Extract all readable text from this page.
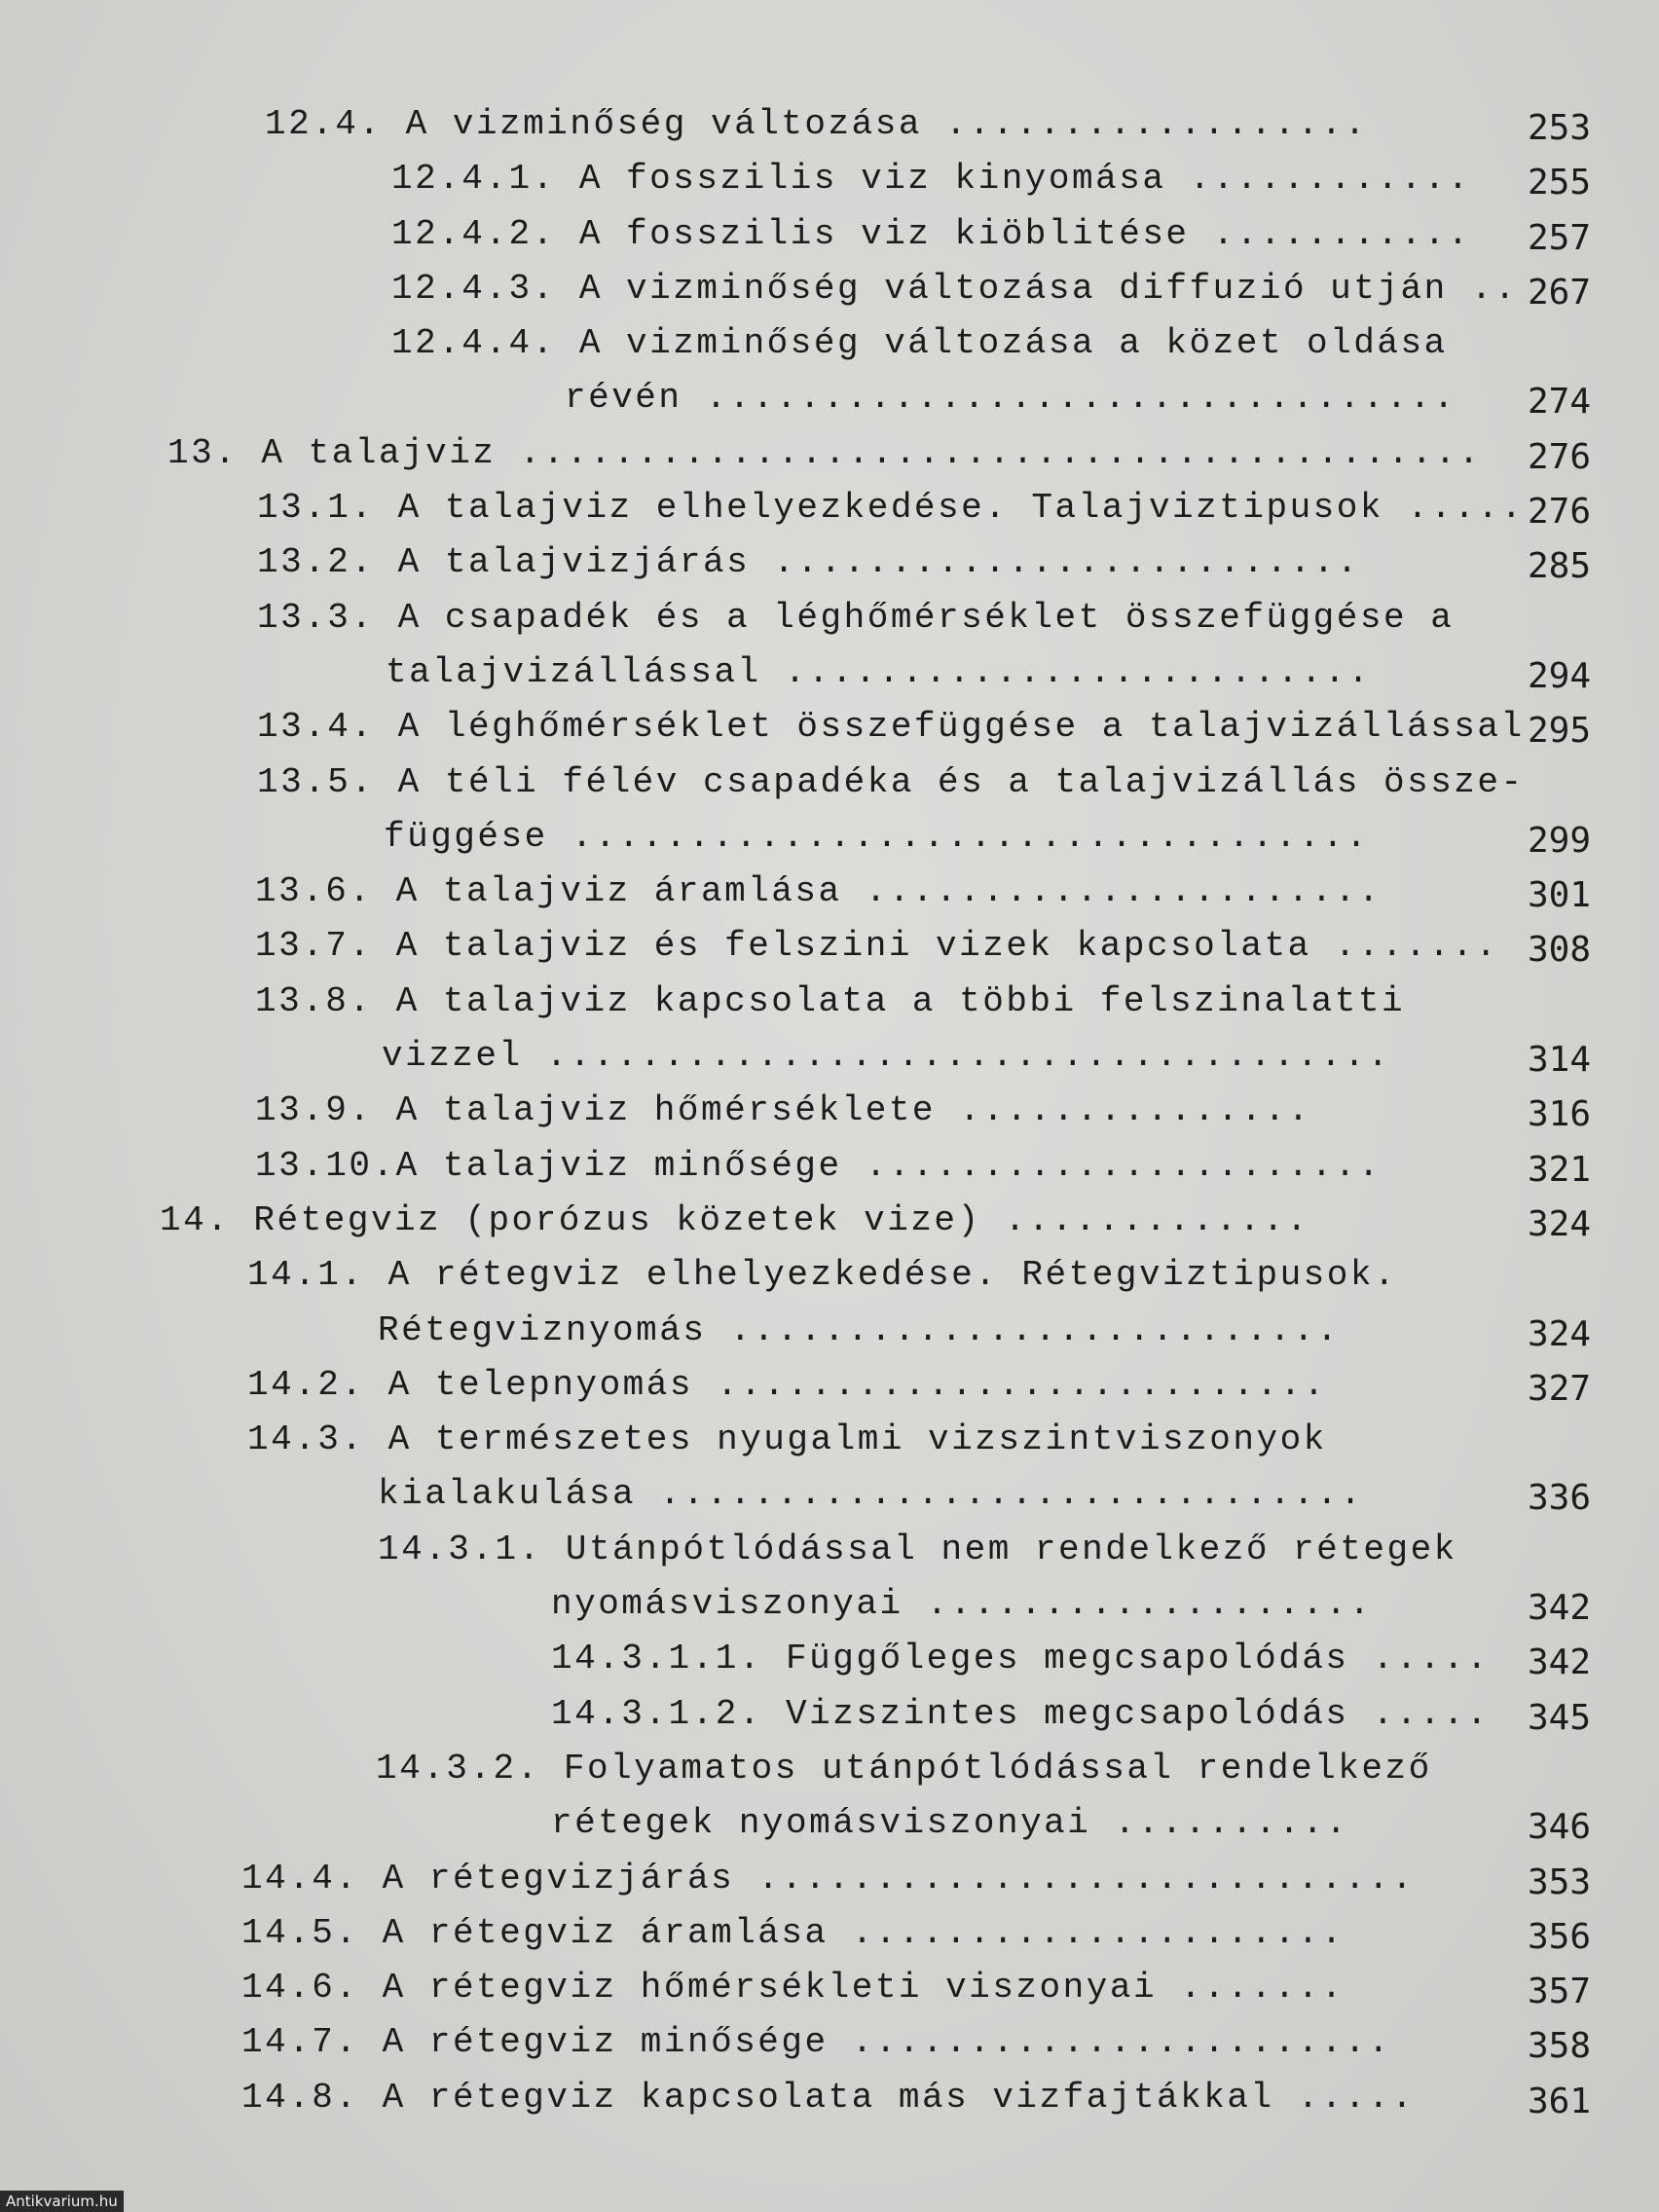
12.4. A vizminőség változása ..................	253
12.4.1. A fosszilis viz kinyomása ............	255
12.4.2. A fosszilis viz kiöblitése ...........	257
12.4.3. A vizminőség változása diffuzió utján .. 267
12.4.4. A vizminőség változása a közet oldása
révén ................................	274
13. A talajviz .........................................	276
13.1. A talajviz elhelyezkedése. Talajviztipusok ..... 276
13.2. A talajvizjárás .........................	285
13.3. A csapadék és a léghőmérséklet összefüggése a
talajvizállással .........................	294
13.4. A léghőmérséklet összefüggése a talajvizállással 295
13.5. A téli félév csapadéka és a talajvizállás össze-
függése ..................................	299
13.6. A talajviz áramlása ......................	301
13.7. A talajviz és felszini vizek kapcsolata ....... 308
13.8. A talajviz kapcsolata a többi felszinalatti
vizzel ....................................	314
13.9. A talajviz hőmérséklete ...............	316
13.10.A talajviz minősége ......................	321
14. Rétegviz (porózus közetek vize) .............	324
14.1. A rétegviz elhelyezkedése. Rétegviztipusok.
Rétegviznyomás ..........................	324
14.2. A telepnyomás ..........................	327
14.3. A természetes nyugalmi vizszintviszonyok
kialakulása ..............................	336
14.3.1. Utánpótlódással nem rendelkező rétegek
nyomásviszonyai ...................	342
14.3.1.1. Függőleges megcsapolódás .....	342
14.3.1.2. Vizszintes megcsapolódás .....	345
14.3.2. Folyamatos utánpótlódással rendelkező
rétegek nyomásviszonyai ..........	346
14.4. A rétegvizjárás ............................	353
14.5. A rétegviz áramlása .....................	356
14.6. A rétegviz hőmérsékleti viszonyai .......	357
14.7. A rétegviz minősége .......................	358
14.8. A rétegviz kapcsolata más vizfajtákkal .....	361
Antikvarium.hu
